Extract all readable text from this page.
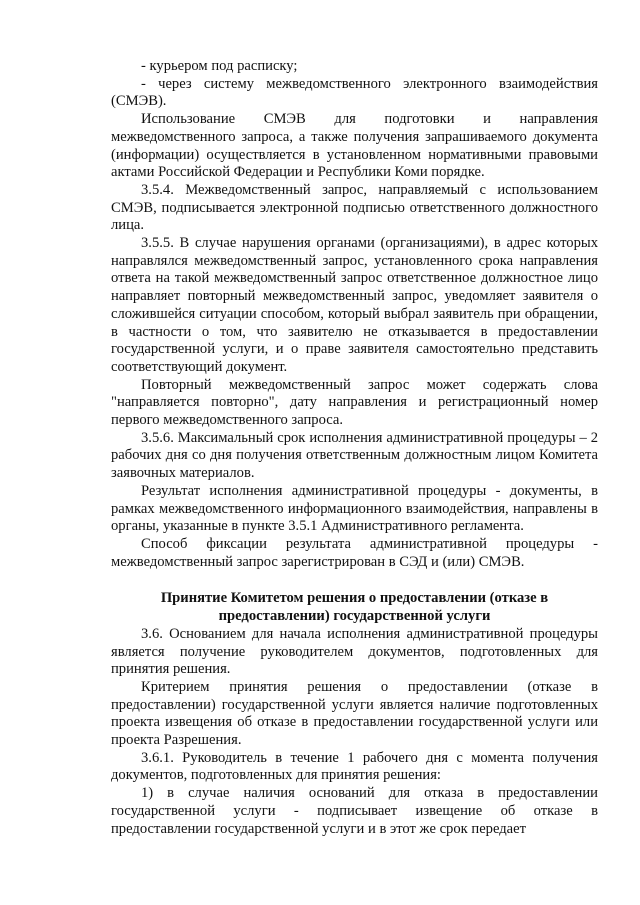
- курьером под расписку;

- через систему межведомственного электронного взаимодействия (СМЭВ).

Использование СМЭВ для подготовки и направления межведомственного запроса, а также получения запрашиваемого документа (информации) осуществляется в установленном нормативными правовыми актами Российской Федерации и Республики Коми порядке.

3.5.4. Межведомственный запрос, направляемый с использованием СМЭВ, подписывается электронной подписью ответственного должностного лица.

3.5.5. В случае нарушения органами (организациями), в адрес которых направлялся межведомственный запрос, установленного срока направления ответа на такой межведомственный запрос ответственное должностное лицо направляет повторный межведомственный запрос, уведомляет заявителя о сложившейся ситуации способом, который выбрал заявитель при обращении, в частности о том, что заявителю не отказывается в предоставлении государственной услуги, и о праве заявителя самостоятельно представить соответствующий документ.

Повторный межведомственный запрос может содержать слова "направляется повторно", дату направления и регистрационный номер первого межведомственного запроса.

3.5.6. Максимальный срок исполнения административной процедуры – 2 рабочих дня со дня получения ответственным должностным лицом Комитета заявочных материалов.

Результат исполнения административной процедуры - документы, в рамках межведомственного информационного взаимодействия, направлены в органы, указанные в пункте 3.5.1 Административного регламента.

Способ фиксации результата административной процедуры - межведомственный запрос зарегистрирован в СЭД и (или) СМЭВ.

Принятие Комитетом решения о предоставлении (отказе в предоставлении) государственной услуги

3.6. Основанием для начала исполнения административной процедуры является получение руководителем документов, подготовленных для принятия решения.

Критерием принятия решения о предоставлении (отказе в предоставлении) государственной услуги является наличие подготовленных проекта извещения об отказе в предоставлении государственной услуги или проекта Разрешения.

3.6.1. Руководитель в течение 1 рабочего дня с момента получения документов, подготовленных для принятия решения:

1) в случае наличия оснований для отказа в предоставлении государственной услуги - подписывает извещение об отказе в предоставлении государственной услуги и в этот же срок передает
